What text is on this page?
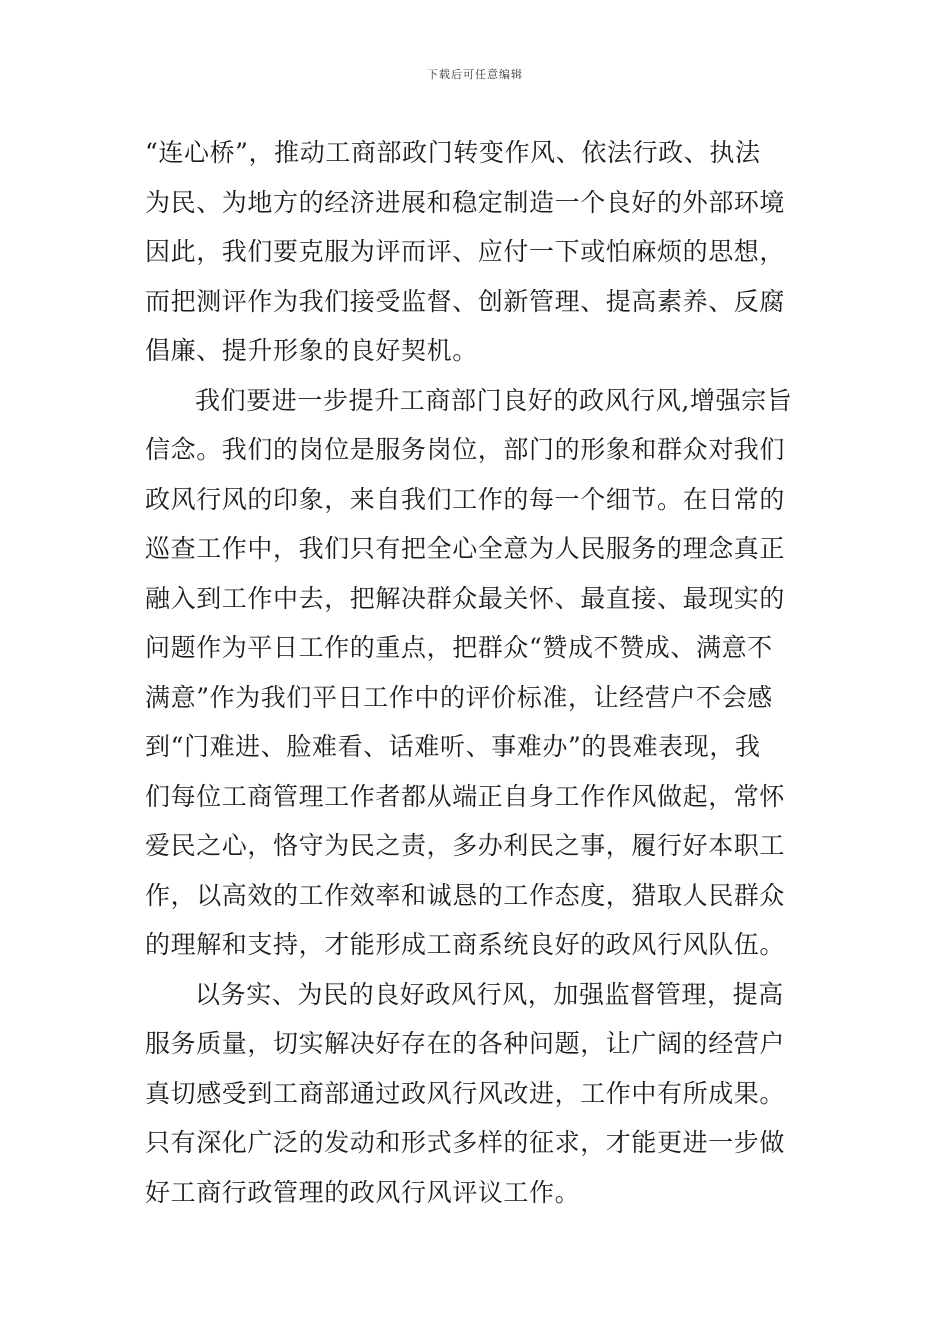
下载后可任意编辑
“连心桥”，推动工商部政门转变作风、依法行政、执法
为民、为地方的经济进展和稳定制造一个良好的外部环境
因此，我们要克服为评而评、应付一下或怕麻烦的思想，
而把测评作为我们接受监督、创新管理、提高素养、反腐
倡廉、提升形象的良好契机。
我们要进一步提升工商部门良好的政风行风,增强宗旨
信念。我们的岗位是服务岗位，部门的形象和群众对我们
政风行风的印象，来自我们工作的每一个细节。在日常的
巡查工作中，我们只有把全心全意为人民服务的理念真正
融入到工作中去，把解决群众最关怀、最直接、最现实的
问题作为平日工作的重点，把群众“赞成不赞成、满意不
满意”作为我们平日工作中的评价标准，让经营户不会感
到“门难进、脸难看、话难听、事难办”的畏难表现，我
们每位工商管理工作者都从端正自身工作作风做起，常怀
爱民之心，恪守为民之责，多办利民之事，履行好本职工
作，以高效的工作效率和诚恳的工作态度，猎取人民群众
的理解和支持，才能形成工商系统良好的政风行风队伍。
以务实、为民的良好政风行风，加强监督管理，提高
服务质量，切实解决好存在的各种问题，让广阔的经营户
真切感受到工商部通过政风行风改进，工作中有所成果。
只有深化广泛的发动和形式多样的征求，才能更进一步做
好工商行政管理的政风行风评议工作。
